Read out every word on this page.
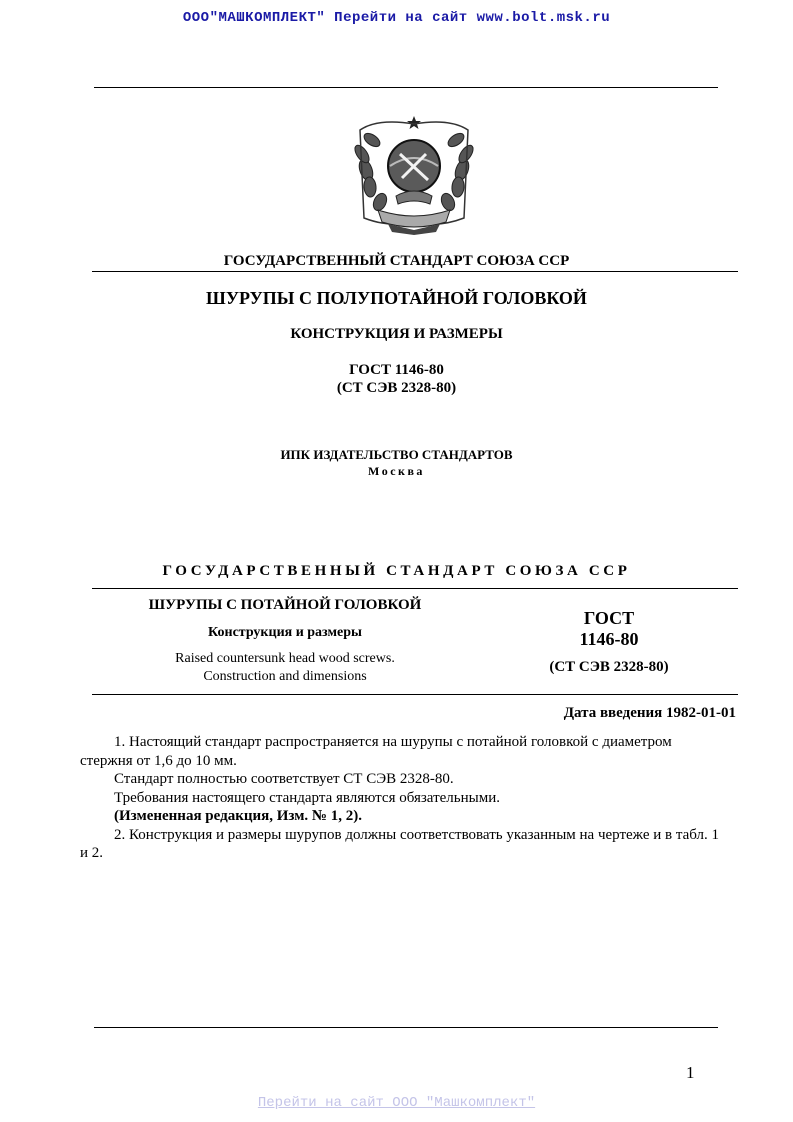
ООО"МАШКОМПЛЕКТ" Перейти на сайт www.bolt.msk.ru
ГОСУДАРСТВЕННЫЙ СТАНДАРТ СОЮЗА ССР
ШУРУПЫ С ПОЛУПОТАЙНОЙ ГОЛОВКОЙ
КОНСТРУКЦИЯ И РАЗМЕРЫ
ГОСТ 1146-80
(СТ СЭВ 2328-80)
ИПК ИЗДАТЕЛЬСТВО СТАНДАРТОВ
Москва
ГОСУДАРСТВЕННЫЙ СТАНДАРТ СОЮЗА ССР
ШУРУПЫ С ПОТАЙНОЙ ГОЛОВКОЙ
Конструкция и размеры
Raised countersunk head wood screws.
Construction and dimensions
ГОСТ
1146-80
(СТ СЭВ 2328-80)
Дата введения 1982-01-01

1. Настоящий стандарт распространяется на шурупы с потайной головкой с диаметром стержня от 1,6 до 10 мм.

Стандарт полностью соответствует СТ СЭВ 2328-80.

Требования настоящего стандарта являются обязательными.

(Измененная редакция, Изм. № 1, 2).

2. Конструкция и размеры шурупов должны соответствовать указанным на чертеже и в табл. 1 и 2.

1
Перейти на сайт ООО "Машкомплект"
